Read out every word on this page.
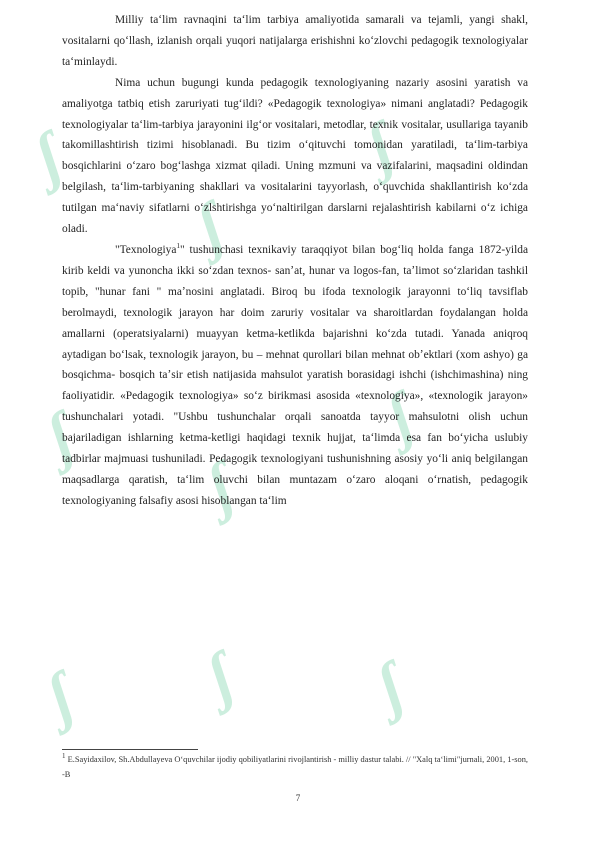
ʃ
ʃ
ʃ
ʃ
ʃ
ʃ
ʃ ʃ ʃ

Milliy taʻlim ravnaqini taʻlim tarbiya amaliyotida samarali va tejamli, yangi shakl, vositalarni qoʻllash, izlanish orqali yuqori natijalarga erishishni koʻzlovchi pedagogik texnologiyalar taʻminlaydi.

Nima uchun bugungi kunda pedagogik texnologiyaning nazariy asosini yaratish va amaliyotga tatbiq etish zaruriyati tugʻildi? «Pedagogik texnologiya» nimani anglatadi? Pedagogik texnologiyalar taʻlim-tarbiya jarayonini ilgʻor vositalari, metodlar, texnik vositalar, usullariga tayanib takomillashtirish tizimi hisoblanadi. Bu tizim oʻqituvchi tomonidan yaratiladi, taʻlim-tarbiya bosqichlarini oʻzaro bogʻlashga xizmat qiladi. Uning mzmuni va vazifalarini, maqsadini oldindan belgilash, taʻlim-tarbiyaning shakllari va vositalarini tayyorlash, oʻquvchida shakllantirish koʻzda tutilgan maʻnaviy sifatlarni oʻzlshtirishga yoʻnaltirilgan darslarni rejalashtirish kabilarni oʻz ichiga oladi.

"Texnologiya$^1$" tushunchasi texnikaviy taraqqiyot bilan bogʻliq holda fanga 1872-yilda kirib keldi va yunoncha ikki soʻzdan texnos- sanʼat, hunar va logos-fan, taʼlimot soʻzlaridan tashkil topib, "hunar fani " maʼnosini anglatadi. Biroq bu ifoda texnologik jarayonni toʻliq tavsiflab berolmaydi, texnologik jarayon har doim zaruriy vositalar va sharoitlardan foydalangan holda amallarni (operatsiyalarni) muayyan ketma-ketlikda bajarishni koʻzda tutadi. Yanada aniqroq aytadigan boʻlsak, texnologik jarayon, bu – mehnat qurollari bilan mehnat obʼektlari (xom ashyo) ga bosqichma- bosqich taʼsir etish natijasida mahsulot yaratish borasidagi ishchi (ishchimashina) ning faoliyatidir. «Pedagogik texnologiya» soʻz birikmasi asosida «texnologiya», «texnologik jarayon» tushunchalari yotadi. "Ushbu tushunchalar orqali sanoatda tayyor mahsulotni olish uchun bajariladigan ishlarning ketma-ketligi haqidagi texnik hujjat, taʻlimda esa fan boʻyicha uslubiy tadbirlar majmuasi tushuniladi. Pedagogik texnologiyani tushunishning asosiy yoʻli aniq belgilangan maqsadlarga qaratish, taʻlim oluvchi bilan muntazam oʻzaro aloqani oʻrnatish, pedagogik texnologiyaning falsafiy asosi hisoblangan taʻlim

$^1$ E.Sayidaxilov, Sh.Abdullayeva Oʻquvchilar ijodiy qobiliyatlarini rivojlantirish - milliy dastur talabi. // "Xalq taʻlimi"jurnali, 2001, 1-son, -B
7
